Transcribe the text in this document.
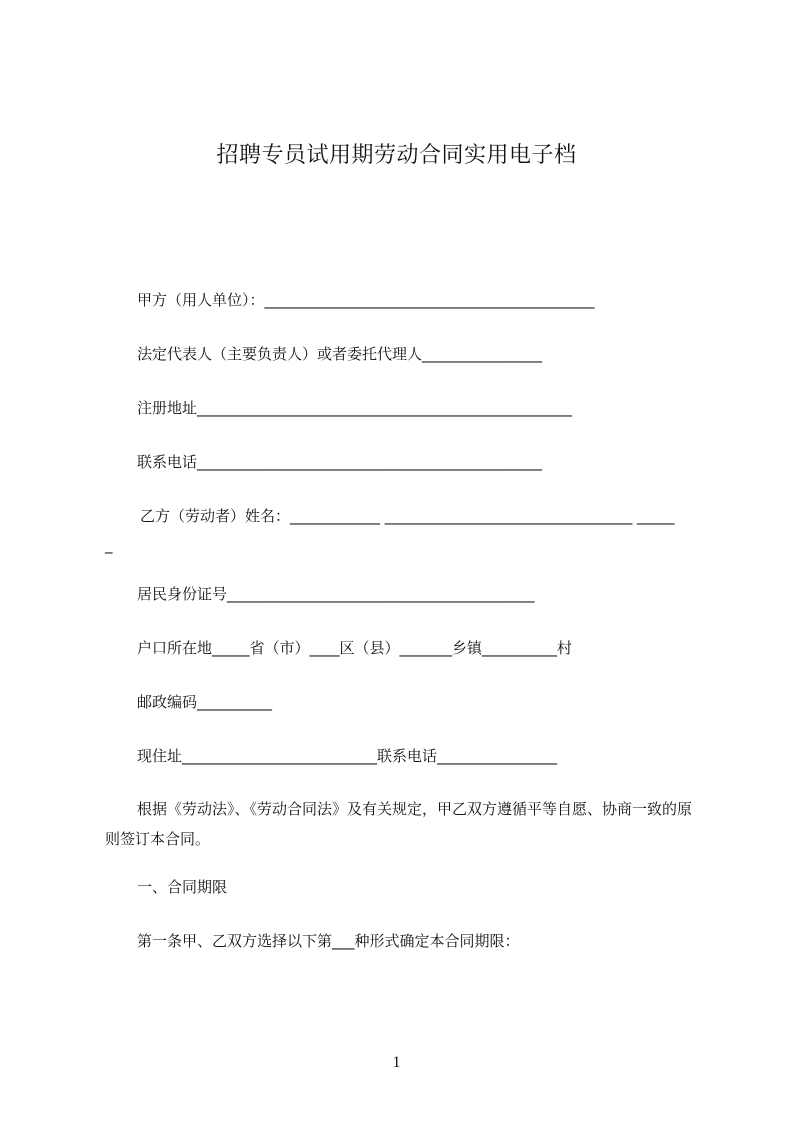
招聘专员试用期劳动合同实用电子档
甲方（用人单位）：____________________________________________
法定代表人（主要负责人）或者委托代理人________________
注册地址__________________________________________________
联系电话______________________________________________
乙方（劳动者）姓名：____________ _________________________________ _____
_
居民身份证号_________________________________________
户口所在地_____省（市）____区（县）_______乡镇__________村
邮政编码__________
现住址__________________________联系电话________________
根据《劳动法》、《劳动合同法》及有关规定，甲乙双方遵循平等自愿、协商一致的原则签订本合同。
一、合同期限
第一条甲、乙双方选择以下第___种形式确定本合同期限：
1
